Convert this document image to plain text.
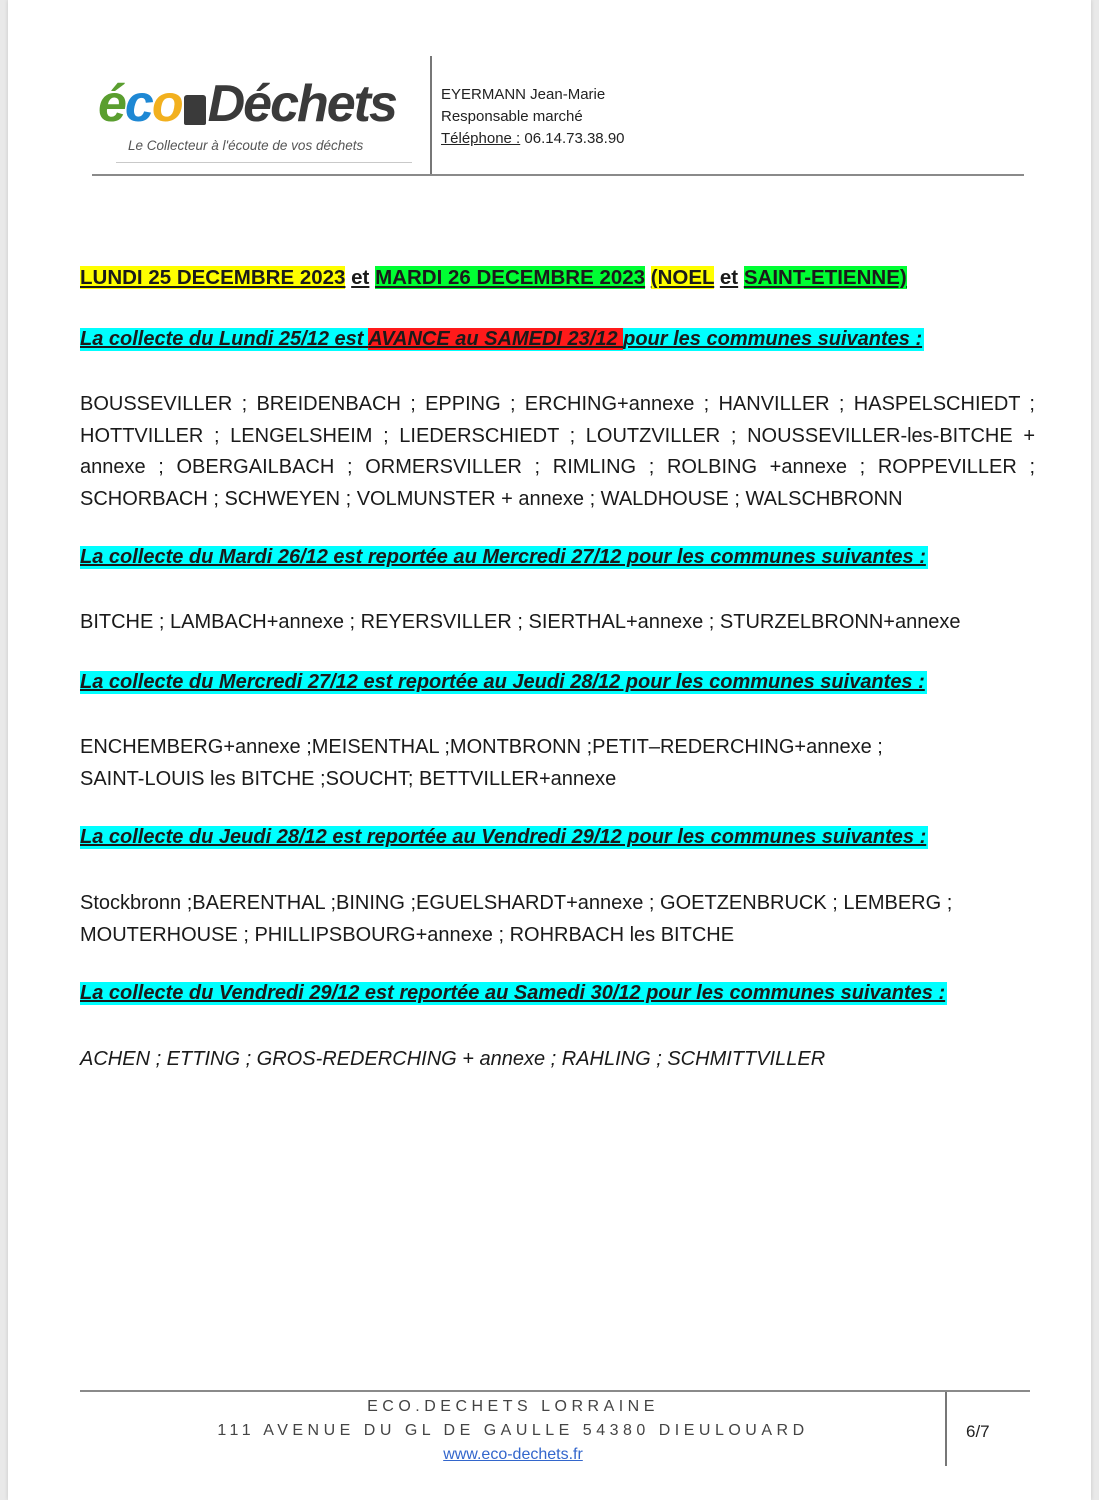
éco Déchets
Le Collecteur à l'écoute de vos déchets
EYERMANN Jean-Marie
Responsable marché
Téléphone : 06.14.73.38.90
LUNDI 25 DECEMBRE 2023 et MARDI 26 DECEMBRE 2023 (NOEL et SAINT-ETIENNE)
La collecte du Lundi 25/12 est AVANCE au SAMEDI 23/12 pour les communes suivantes :
BOUSSEVILLER ; BREIDENBACH ; EPPING ; ERCHING+annexe ; HANVILLER ; HASPELSCHIEDT ; HOTTVILLER ; LENGELSHEIM ; LIEDERSCHIEDT ; LOUTZVILLER ; NOUSSEVILLER-les-BITCHE + annexe ; OBERGAILBACH ; ORMERSVILLER ; RIMLING ; ROLBING +annexe ; ROPPEVILLER ; SCHORBACH ; SCHWEYEN ; VOLMUNSTER + annexe ; WALDHOUSE ; WALSCHBRONN
La collecte du Mardi 26/12 est reportée au Mercredi 27/12 pour les communes suivantes :
BITCHE ; LAMBACH+annexe ; REYERSVILLER ; SIERTHAL+annexe ; STURZELBRONN+annexe
La collecte du Mercredi 27/12 est reportée au Jeudi 28/12 pour les communes suivantes :
ENCHEMBERG+annexe ;MEISENTHAL ;MONTBRONN ;PETIT–REDERCHING+annexe ;
SAINT-LOUIS les BITCHE ;SOUCHT; BETTVILLER+annexe
La collecte du Jeudi 28/12 est reportée au Vendredi 29/12 pour les communes suivantes :
Stockbronn ;BAERENTHAL ;BINING ;EGUELSHARDT+annexe ; GOETZENBRUCK ; LEMBERG ;
MOUTERHOUSE ; PHILLIPSBOURG+annexe ; ROHRBACH les BITCHE
La collecte du Vendredi 29/12 est reportée au Samedi 30/12 pour les communes suivantes :
ACHEN ; ETTING ; GROS-REDERCHING + annexe ; RAHLING ; SCHMITTVILLER
ECO.DECHETS LORRAINE
111 AVENUE DU GL DE GAULLE 54380 DIEULOUARD
www.eco-dechets.fr
6/7
